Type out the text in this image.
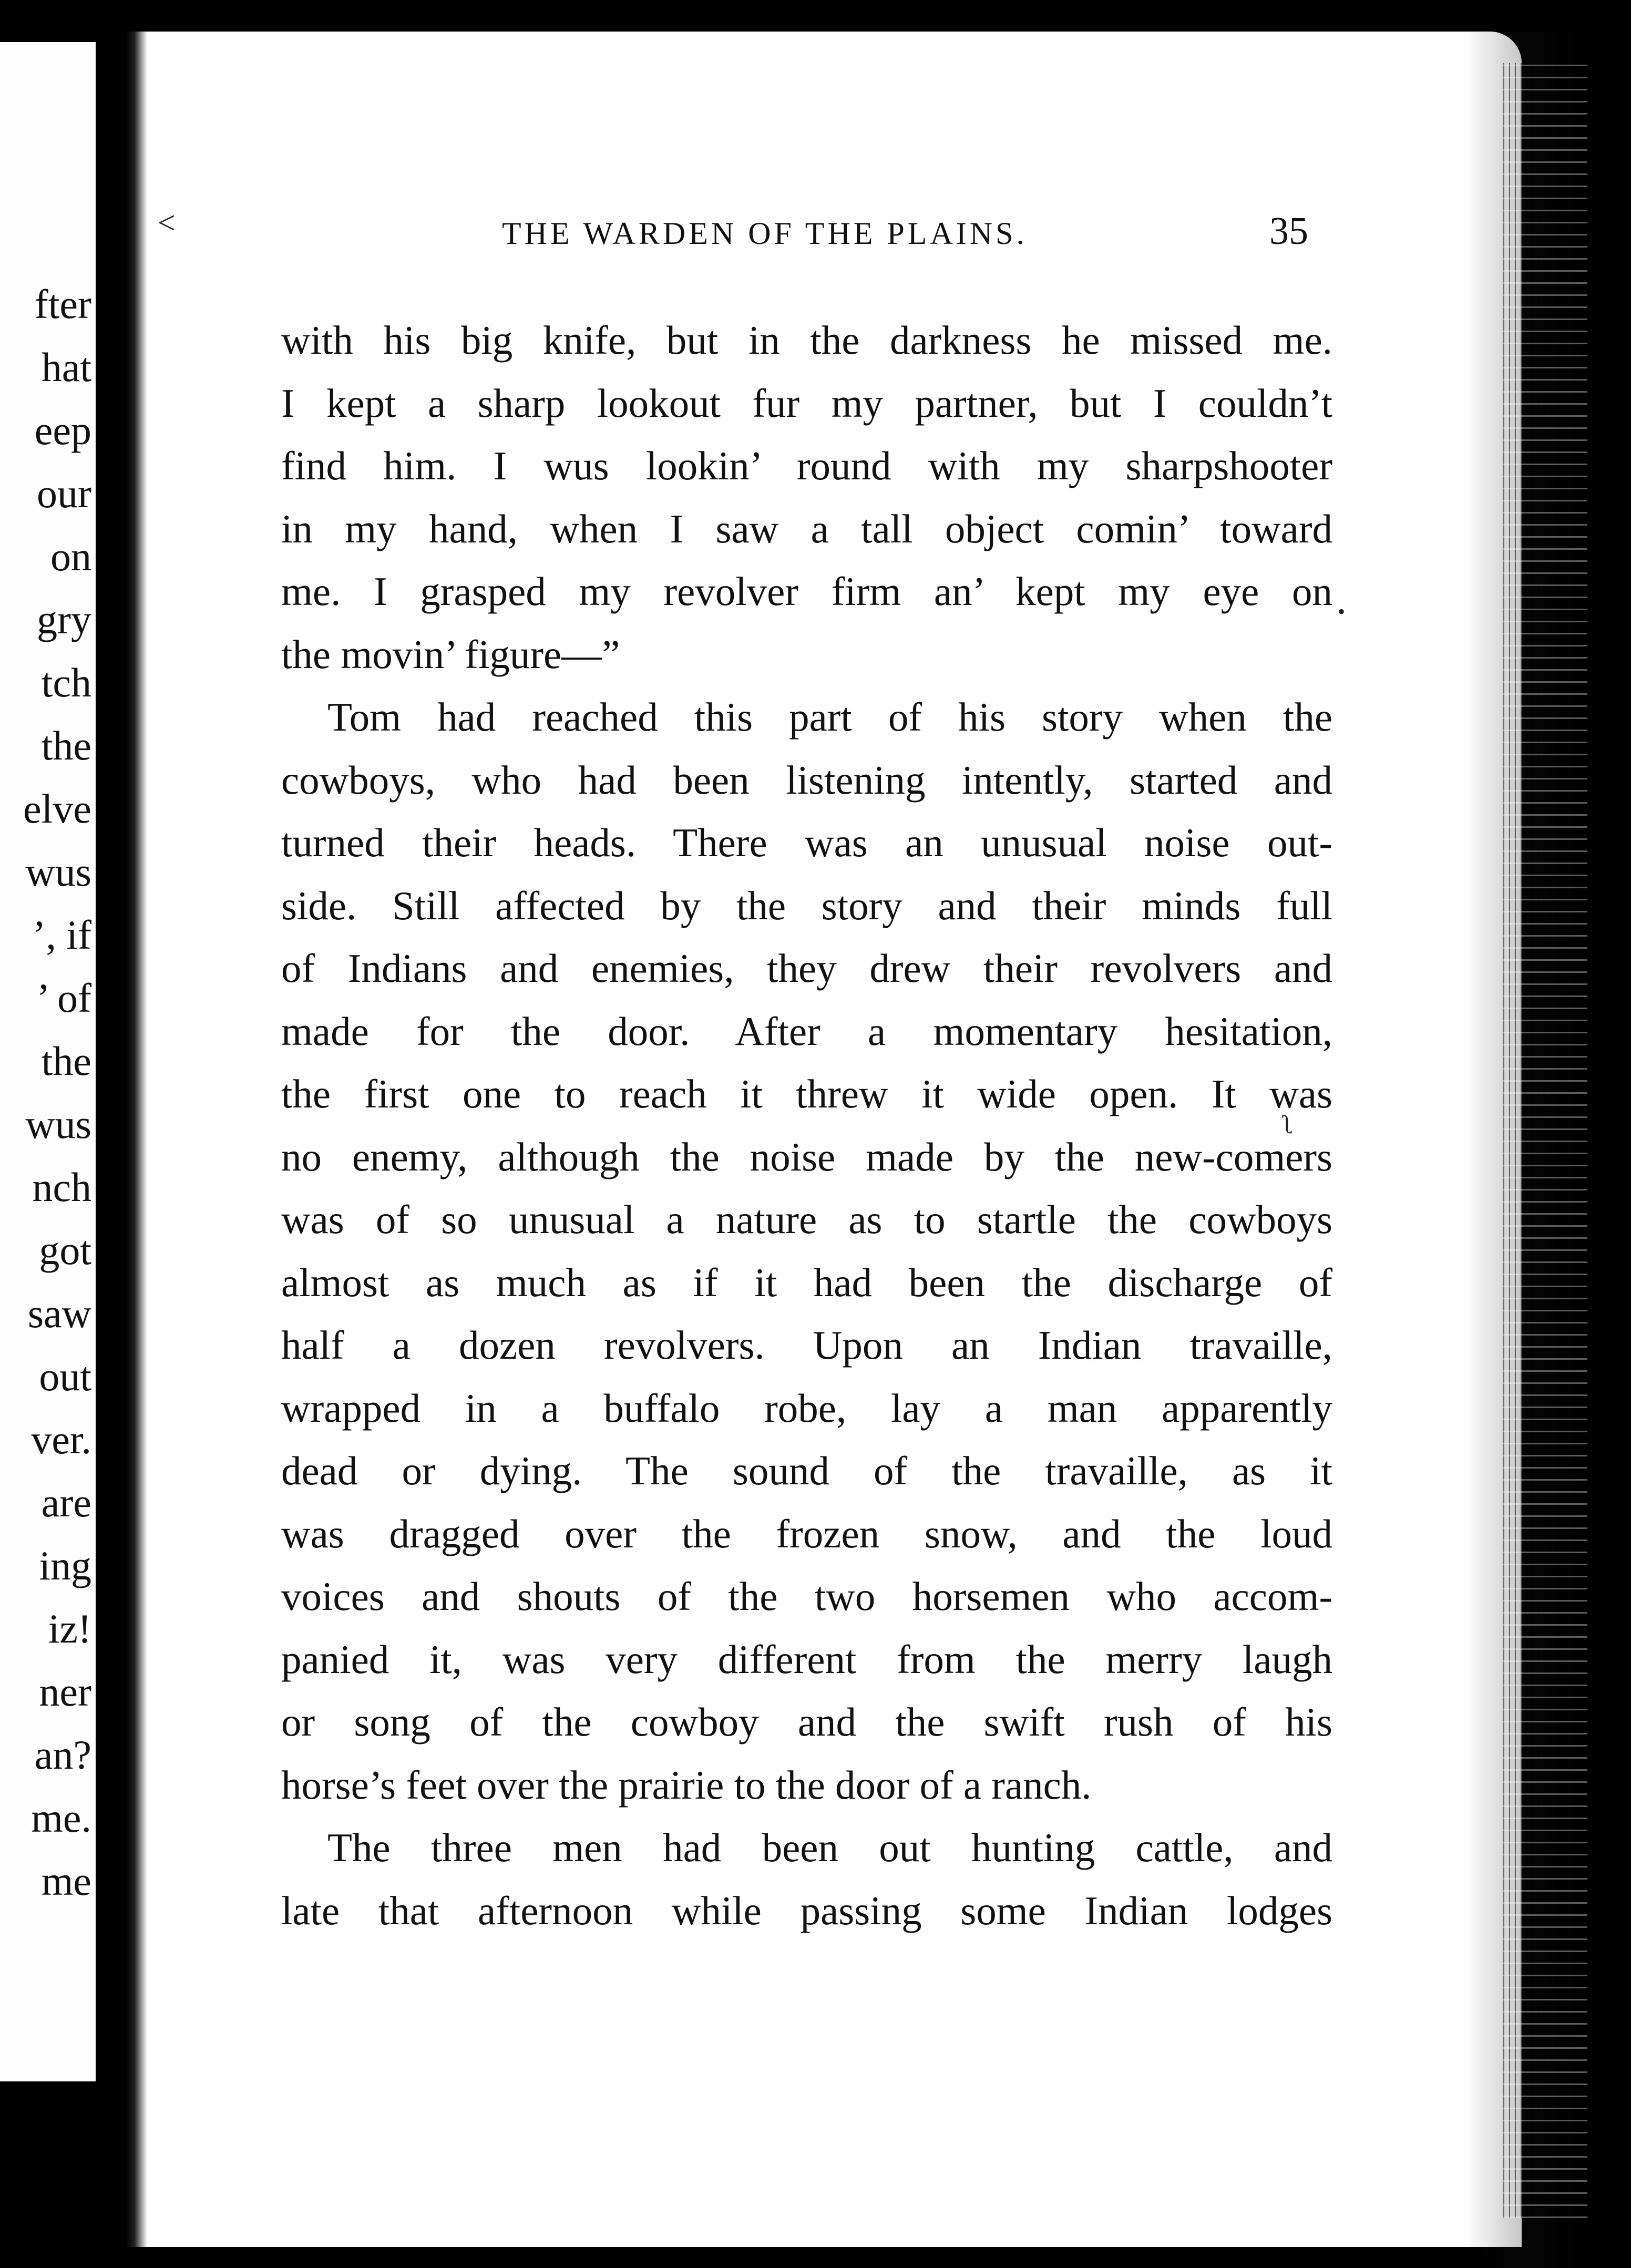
fter
hat
eep
our
on
gry
tch
the
elve
wus
’, if
’ of
the
wus
nch
got
saw
out
ver.
are
ing
iz!
ner
an?
me.
me
THE WARDEN OF THE PLAINS.	35
˂
with his big knife, but in the darkness he missed me.
I kept a sharp lookout fur my partner, but I couldn’t
find him. I wus lookin’ round with my sharpshooter
in my hand, when I saw a tall object comin’ toward
me. I grasped my revolver firm an’ kept my eye on
the movin’ figure—”
Tom had reached this part of his story when the
cowboys, who had been listening intently, started and
turned their heads. There was an unusual noise out-
side. Still affected by the story and their minds full
of Indians and enemies, they drew their revolvers and
made for the door. After a momentary hesitation,
the first one to reach it threw it wide open. It was
no enemy, although the noise made by the new-comers
was of so unusual a nature as to startle the cowboys
almost as much as if it had been the discharge of
half a dozen revolvers. Upon an Indian travaille,
wrapped in a buffalo robe, lay a man apparently
dead or dying. The sound of the travaille, as it
was dragged over the frozen snow, and the loud
voices and shouts of the two horsemen who accom-
panied it, was very different from the merry laugh
or song of the cowboy and the swift rush of his
horse’s feet over the prairie to the door of a ranch.
The three men had been out hunting cattle, and
late that afternoon while passing some Indian lodges
ʅ
•
